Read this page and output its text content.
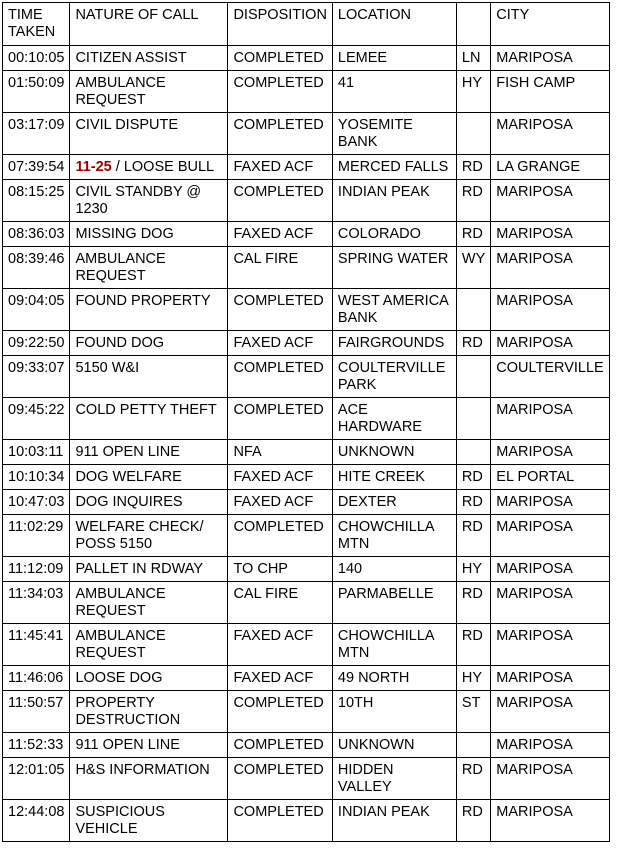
TIME TAKEN	NATURE OF CALL	DISPOSITION	LOCATION		CITY
00:10:05	CITIZEN ASSIST	COMPLETED	LEMEE	LN	MARIPOSA
01:50:09	AMBULANCE REQUEST	COMPLETED	41	HY	FISH CAMP
03:17:09	CIVIL DISPUTE	COMPLETED	YOSEMITE BANK		MARIPOSA
07:39:54	11-25 / LOOSE BULL	FAXED ACF	MERCED FALLS	RD	LA GRANGE
08:15:25	CIVIL STANDBY @ 1230	COMPLETED	INDIAN PEAK	RD	MARIPOSA
08:36:03	MISSING DOG	FAXED ACF	COLORADO	RD	MARIPOSA
08:39:46	AMBULANCE REQUEST	CAL FIRE	SPRING WATER	WY	MARIPOSA
09:04:05	FOUND PROPERTY	COMPLETED	WEST AMERICA BANK		MARIPOSA
09:22:50	FOUND DOG	FAXED ACF	FAIRGROUNDS	RD	MARIPOSA
09:33:07	5150 W&I	COMPLETED	COULTERVILLE PARK		COULTERVILLE
09:45:22	COLD PETTY THEFT	COMPLETED	ACE HARDWARE		MARIPOSA
10:03:11	911 OPEN LINE	NFA	UNKNOWN		MARIPOSA
10:10:34	DOG WELFARE	FAXED ACF	HITE CREEK	RD	EL PORTAL
10:47:03	DOG INQUIRES	FAXED ACF	DEXTER	RD	MARIPOSA
11:02:29	WELFARE CHECK/ POSS 5150	COMPLETED	CHOWCHILLA MTN	RD	MARIPOSA
11:12:09	PALLET IN RDWAY	TO CHP	140	HY	MARIPOSA
11:34:03	AMBULANCE REQUEST	CAL FIRE	PARMABELLE	RD	MARIPOSA
11:45:41	AMBULANCE REQUEST	FAXED ACF	CHOWCHILLA MTN	RD	MARIPOSA
11:46:06	LOOSE DOG	FAXED ACF	49 NORTH	HY	MARIPOSA
11:50:57	PROPERTY DESTRUCTION	COMPLETED	10TH	ST	MARIPOSA
11:52:33	911 OPEN LINE	COMPLETED	UNKNOWN		MARIPOSA
12:01:05	H&S INFORMATION	COMPLETED	HIDDEN VALLEY	RD	MARIPOSA
12:44:08	SUSPICIOUS VEHICLE	COMPLETED	INDIAN PEAK	RD	MARIPOSA
